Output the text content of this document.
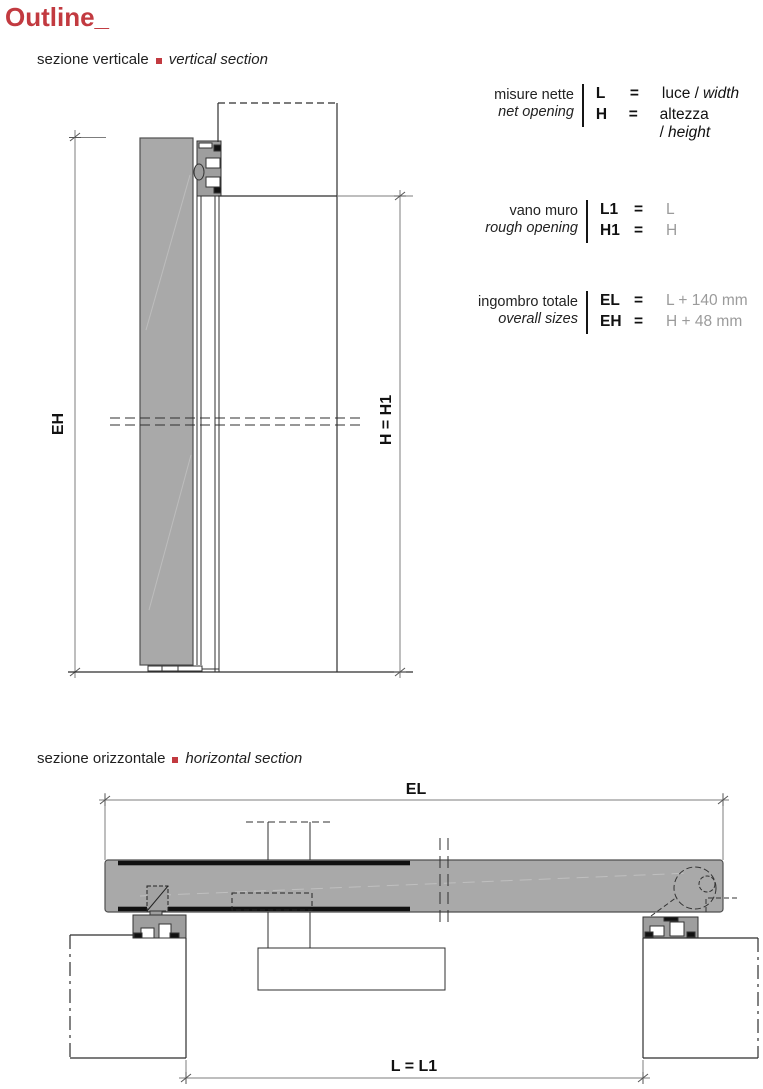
Outline_
sezione verticale vertical section
misure nette
net opening
L	=	luce / width
H	=	altezza / height
vano muro
rough opening
L1	=	L
H1 =	H
ingombro totale
overall sizes
EL =	L + 140 mm
EH =	H + 48 mm
sezione orizzontale horizontal section
EH	H = H1
EL
L = L1
